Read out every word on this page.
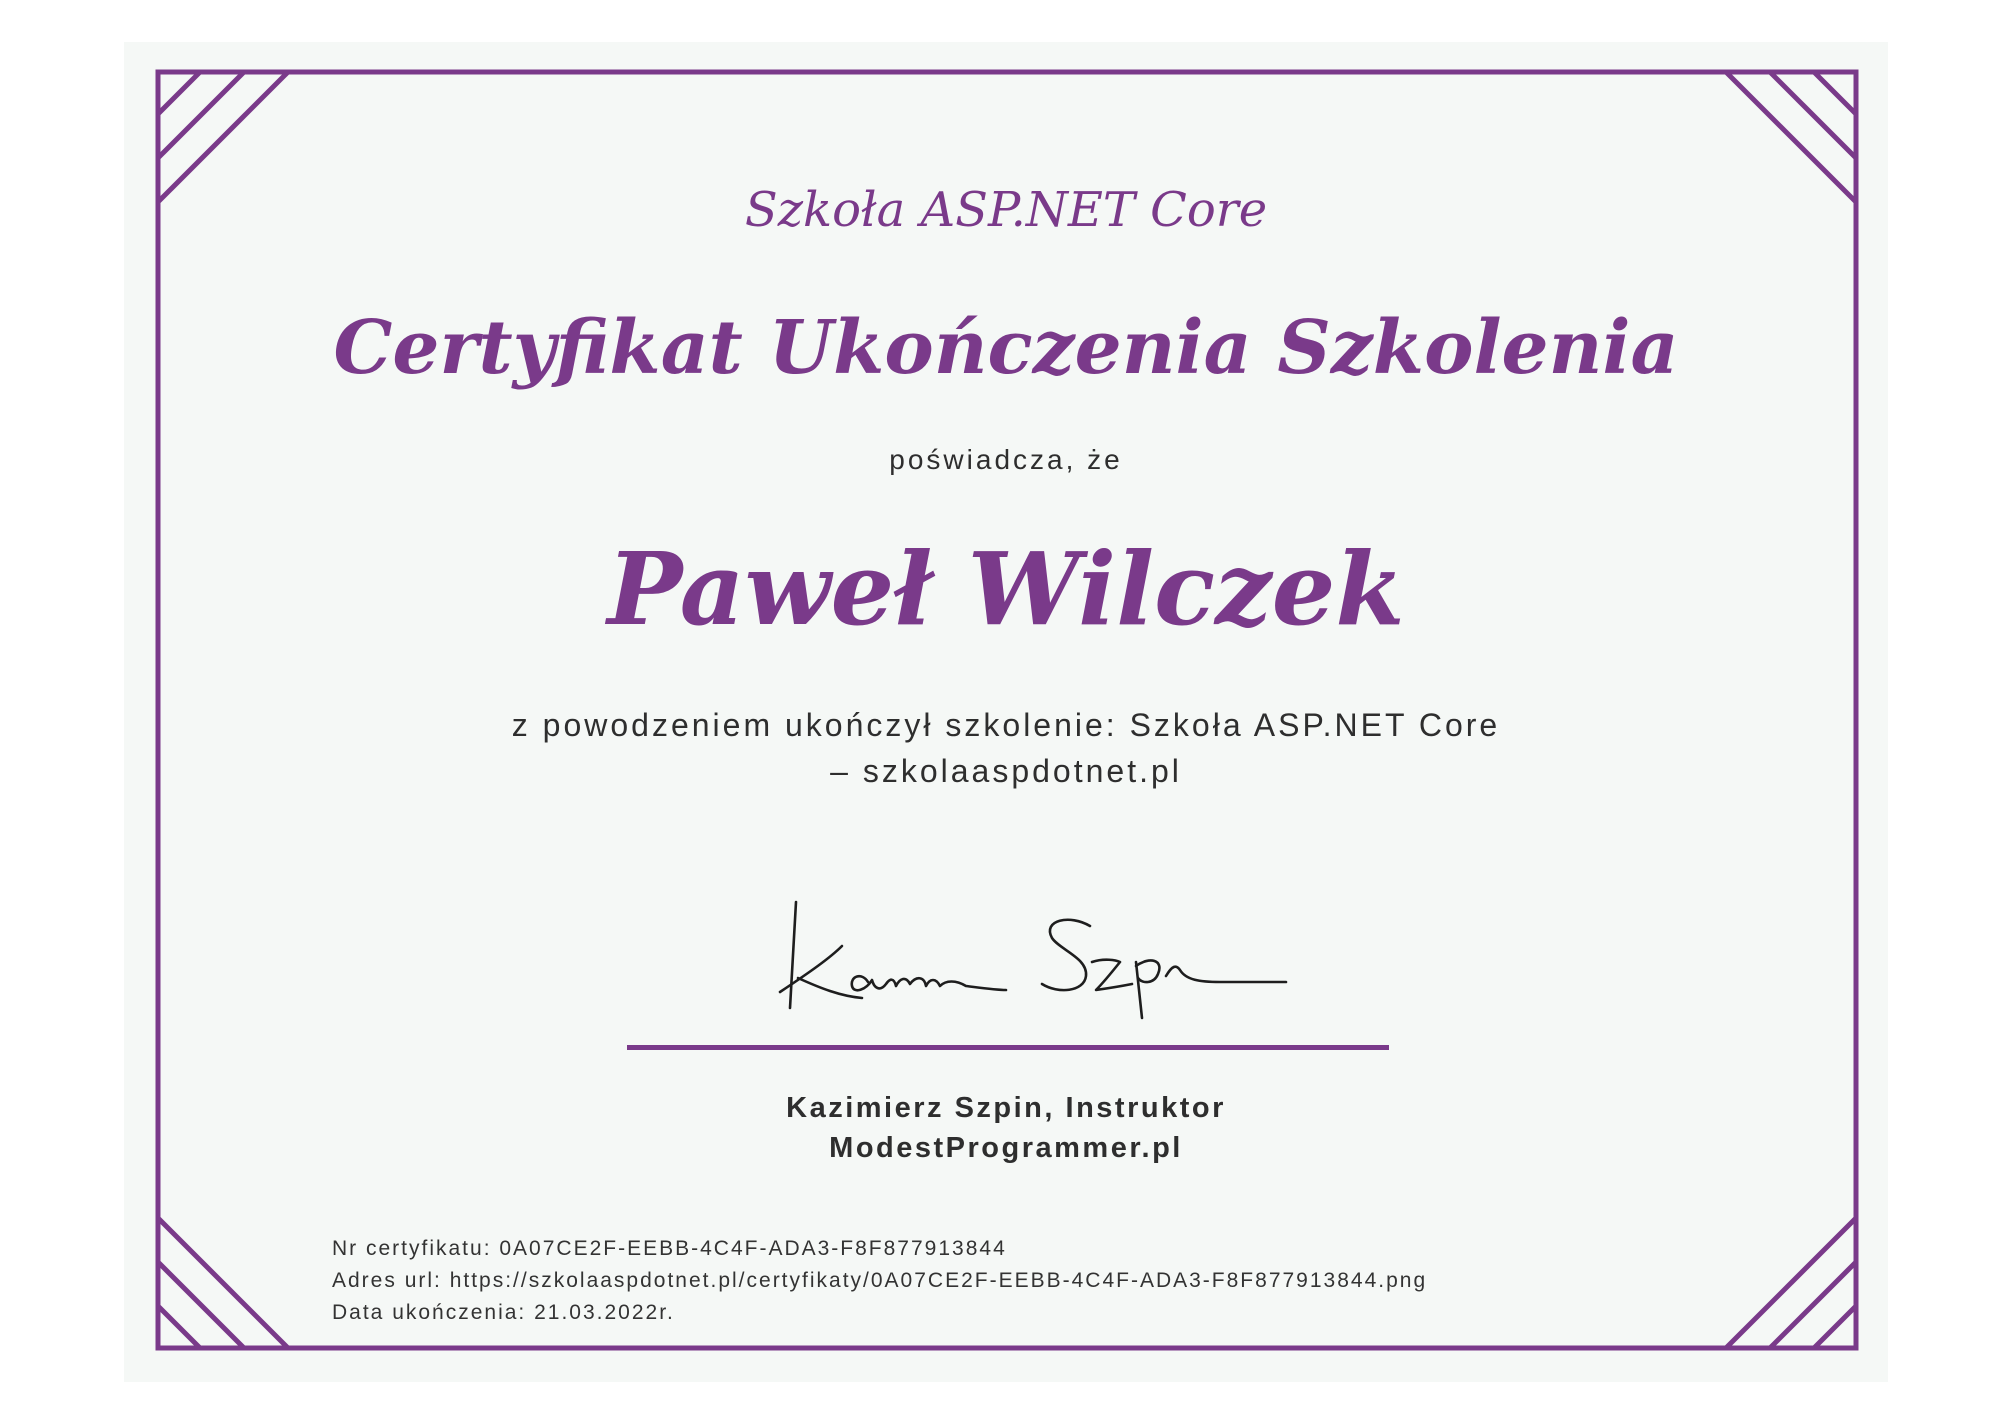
Szkoła ASP.NET Core
Certyfikat Ukończenia Szkolenia
poświadcza, że
Paweł Wilczek
z powodzeniem ukończył szkolenie: Szkoła ASP.NET Core
– szkolaaspdotnet.pl
Kazimierz Szpin, Instruktor
ModestProgrammer.pl
Nr certyfikatu: 0A07CE2F-EEBB-4C4F-ADA3-F8F877913844
Adres url: https://szkolaaspdotnet.pl/certyfikaty/0A07CE2F-EEBB-4C4F-ADA3-F8F877913844.png
Data ukończenia: 21.03.2022r.
